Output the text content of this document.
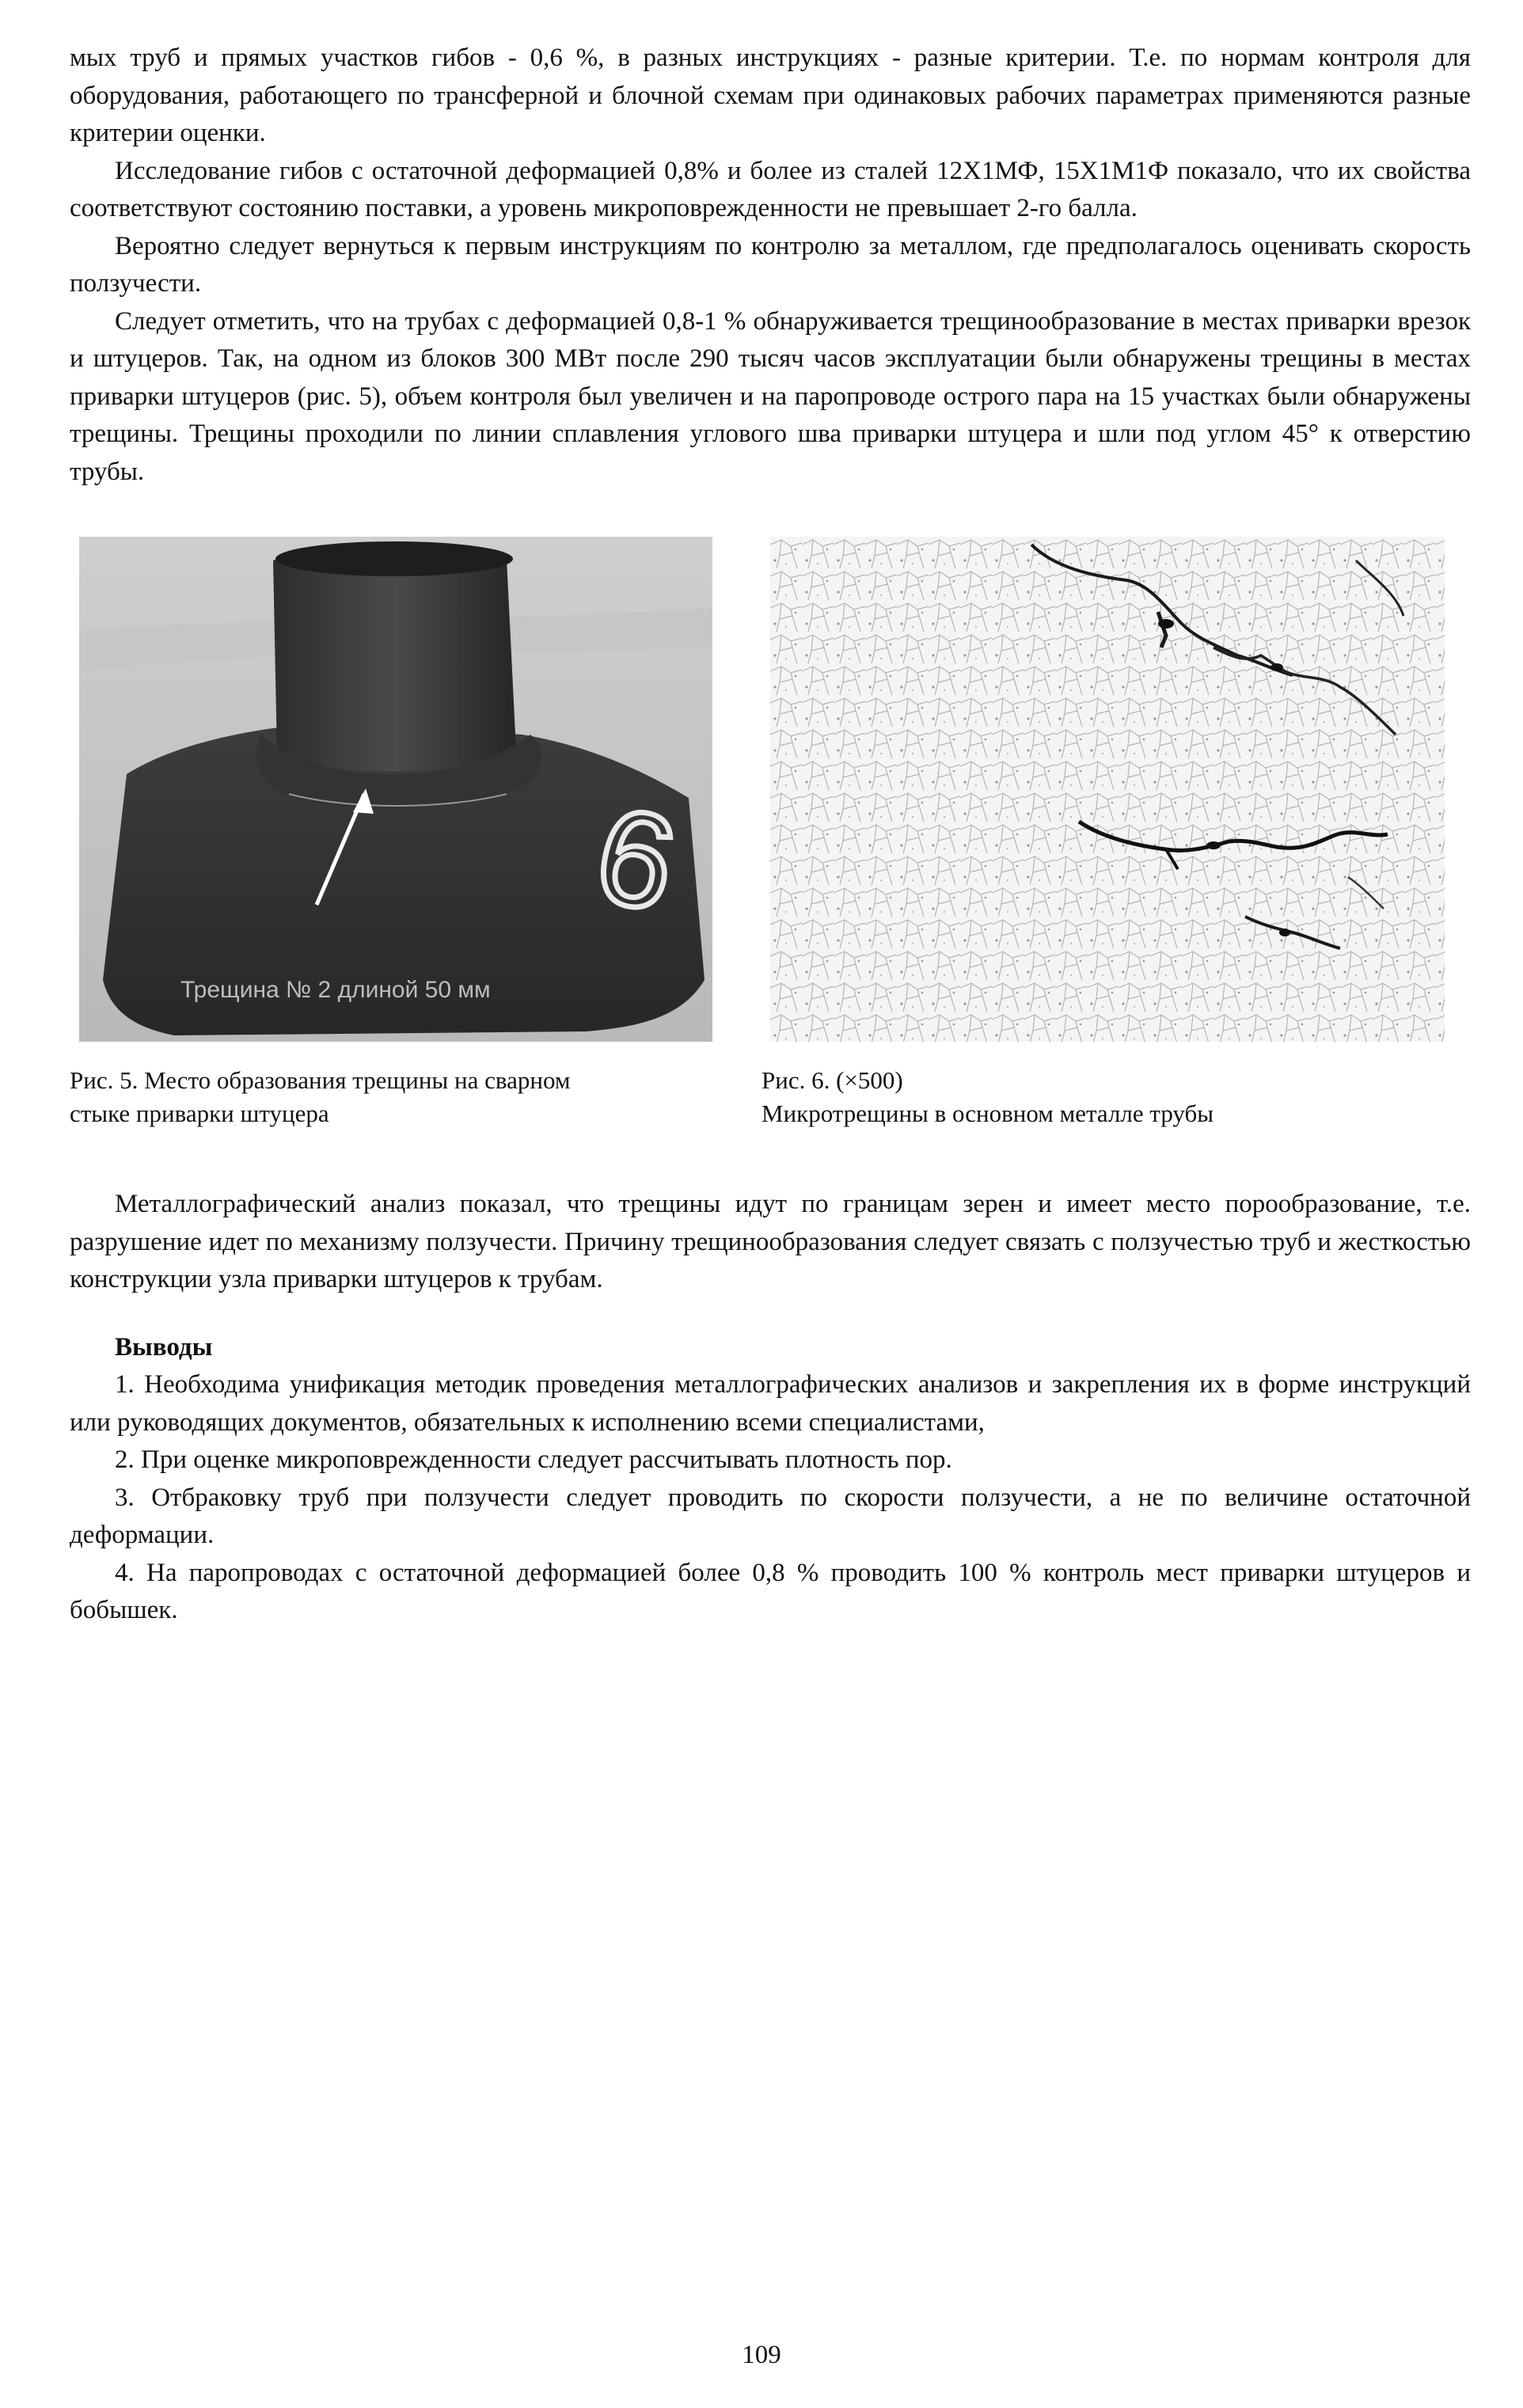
мых труб и прямых участков гибов - 0,6 %, в разных инструкциях - разные критерии. Т.е. по нормам контроля для оборудования, работающего по трансферной и блочной схемам при одинаковых рабочих параметрах применяются разные критерии оценки.

Исследование гибов с остаточной деформацией 0,8% и более из сталей 12Х1МФ, 15Х1М1Ф показало, что их свойства соответствуют состоянию поставки, а уровень микроповрежденности не превышает 2-го балла.

Вероятно следует вернуться к первым инструкциям по контролю за металлом, где предполагалось оценивать скорость ползучести.

Следует отметить, что на трубах с деформацией 0,8-1 % обнаруживается трещинообразование в местах приварки врезок и штуцеров. Так, на одном из блоков 300 МВт после 290 тысяч часов эксплуатации были обнаружены трещины в местах приварки штуцеров (рис. 5), объем контроля был увеличен и на паропроводе острого пара на 15 участках были обнаружены трещины. Трещины проходили по линии сплавления углового шва приварки штуцера и шли под углом 45° к отверстию трубы.

6
Трещина № 2 длиной 50 мм
Рис. 5. Место образования трещины на сварном
стыке приварки штуцера
Рис. 6. (×500)
Микротрещины в основном металле трубы

Металлографический анализ показал, что трещины идут по границам зерен и имеет место порообразование, т.е. разрушение идет по механизму ползучести. Причину трещинообразования следует связать с ползучестью труб и жесткостью конструкции узла приварки штуцеров к трубам.

Выводы

1. Необходима унификация методик проведения металлографических анализов и закрепления их в форме инструкций или руководящих документов, обязательных к исполнению всеми специалистами,

2. При оценке микроповрежденности следует рассчитывать плотность пор.

3. Отбраковку труб при ползучести следует проводить по скорости ползучести, а не по величине остаточной деформации.

4. На паропроводах с остаточной деформацией более 0,8 % проводить 100 % контроль мест приварки штуцеров и бобышек.

109
